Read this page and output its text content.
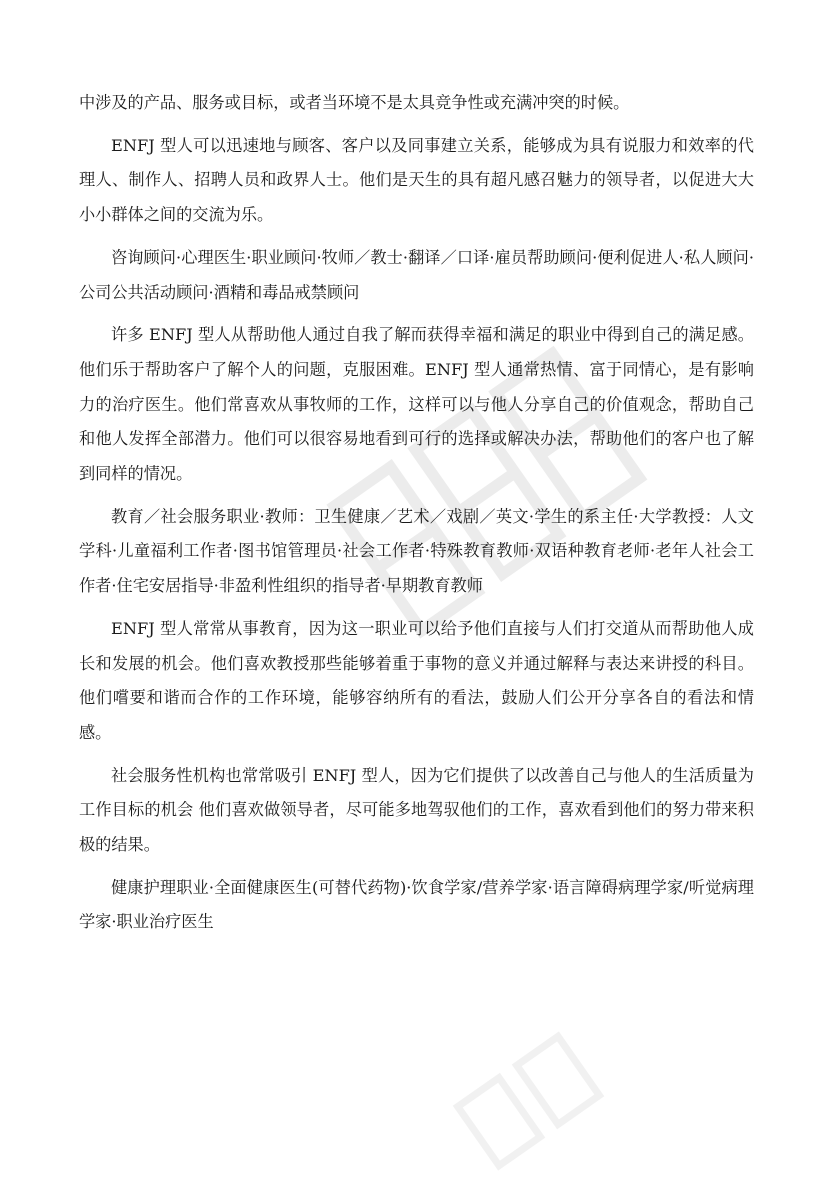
中涉及的产品、服务或目标，或者当环境不是太具竞争性或充满冲突的时候。

ENFJ 型人可以迅速地与顾客、客户以及同事建立关系，能够成为具有说服力和效率的代理人、制作人、招聘人员和政界人士。他们是天生的具有超凡感召魅力的领导者，以促进大大小小群体之间的交流为乐。

咨询顾问·心理医生·职业顾问·牧师／教士·翻译／口译·雇员帮助顾问·便利促进人·私人顾问·公司公共活动顾问·酒精和毒品戒禁顾问

许多 ENFJ 型人从帮助他人通过自我了解而获得幸福和满足的职业中得到自己的满足感。他们乐于帮助客户了解个人的问题，克服困难。ENFJ 型人通常热情、富于同情心，是有影响力的治疗医生。他们常喜欢从事牧师的工作，这样可以与他人分享自己的价值观念，帮助自己和他人发挥全部潜力。他们可以很容易地看到可行的选择或解决办法，帮助他们的客户也了解到同样的情况。

教育／社会服务职业·教师：卫生健康／艺术／戏剧／英文·学生的系主任·大学教授：人文学科·儿童福利工作者·图书馆管理员·社会工作者·特殊教育教师·双语种教育老师·老年人社会工作者·住宅安居指导·非盈利性组织的指导者·早期教育教师

ENFJ 型人常常从事教育，因为这一职业可以给予他们直接与人们打交道从而帮助他人成长和发展的机会。他们喜欢教授那些能够着重于事物的意义并通过解释与表达来讲授的科目。他们嚐要和谐而合作的工作环境，能够容纳所有的看法，鼓励人们公开分享各自的看法和情感。

社会服务性机构也常常吸引 ENFJ 型人，因为它们提供了以改善自己与他人的生活质量为工作目标的机会 他们喜欢做领导者，尽可能多地驾驭他们的工作，喜欢看到他们的努力带来积极的结果。

健康护理职业·全面健康医生(可替代药物)·饮食学家/营养学家·语言障碍病理学家/听觉病理学家·职业治疗医生
